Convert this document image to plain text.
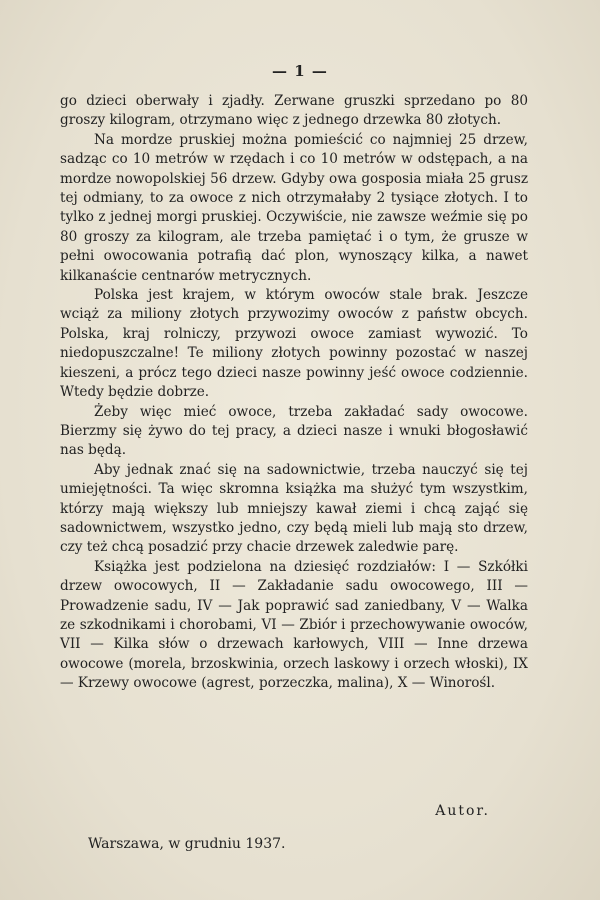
— 1 —

go dzieci oberwały i zjadły. Zerwane gruszki sprzedano po 80 groszy kilogram, otrzymano więc z jednego drzewka 80 złotych.

Na mordze pruskiej można pomieścić co najmniej 25 drzew, sadząc co 10 metrów w rzędach i co 10 metrów w odstępach, a na mordze nowopolskiej 56 drzew. Gdyby owa gosposia miała 25 grusz tej odmiany, to za owoce z nich otrzymałaby 2 tysiące złotych. I to tylko z jednej morgi pruskiej. Oczywiście, nie zawsze weźmie się po 80 groszy za kilogram, ale trzeba pamiętać i o tym, że grusze w pełni owocowania potrafią dać plon, wynoszący kilka, a nawet kilkanaście centnarów metrycznych.

Polska jest krajem, w którym owoców stale brak. Jeszcze wciąż za miliony złotych przywozimy owoców z państw obcych. Polska, kraj rolniczy, przywozi owoce zamiast wywozić. To niedopuszczalne! Te miliony złotych powinny pozostać w naszej kieszeni, a prócz tego dzieci nasze powinny jeść owoce codziennie. Wtedy będzie dobrze.

Żeby więc mieć owoce, trzeba zakładać sady owocowe. Bierzmy się żywo do tej pracy, a dzieci nasze i wnuki błogosławić nas będą.

Aby jednak znać się na sadownictwie, trzeba nauczyć się tej umiejętności. Ta więc skromna książka ma służyć tym wszystkim, którzy mają większy lub mniejszy kawał ziemi i chcą zająć się sadownictwem, wszystko jedno, czy będą mieli lub mają sto drzew, czy też chcą posadzić przy chacie drzewek zaledwie parę.

Książka jest podzielona na dziesięć rozdziałów: I — Szkółki drzew owocowych, II — Zakładanie sadu owocowego, III — Prowadzenie sadu, IV — Jak poprawić sad zaniedbany, V — Walka ze szkodnikami i chorobami, VI — Zbiór i przechowywanie owoców, VII — Kilka słów o drzewach karłowych, VIII — Inne drzewa owocowe (morela, brzoskwinia, orzech laskowy i orzech włoski), IX — Krzewy owocowe (agrest, porzeczka, malina), X — Winorośl.

Autor.
Warszawa, w grudniu 1937.
